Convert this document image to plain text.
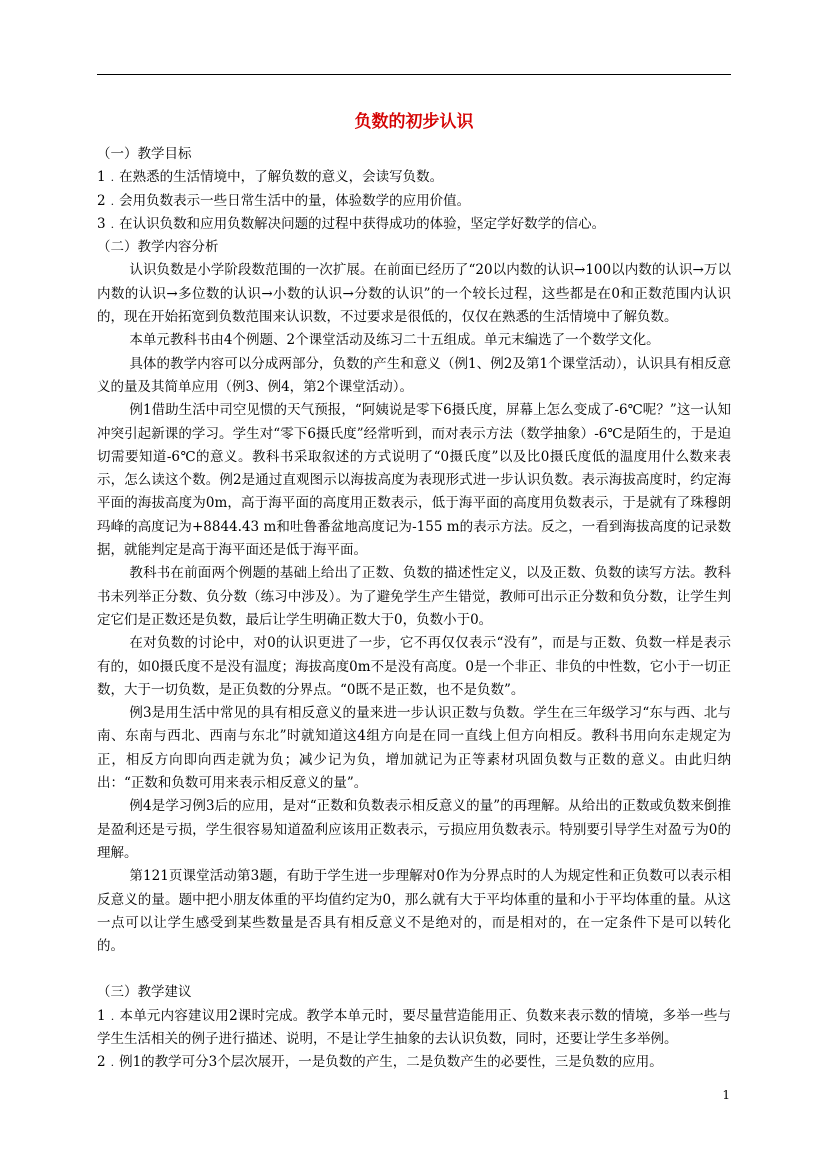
负数的初步认识

（一）教学目标

1﹒在熟悉的生活情境中，了解负数的意义，会读写负数。

2﹒会用负数表示一些日常生活中的量，体验数学的应用价值。

3﹒在认识负数和应用负数解决问题的过程中获得成功的体验，坚定学好数学的信心。

（二）教学内容分析

认识负数是小学阶段数范围的一次扩展。在前面已经历了“20以内数的认识→100以内数的认识→万以内数的认识→多位数的认识→小数的认识→分数的认识”的一个较长过程，这些都是在0和正数范围内认识的，现在开始拓宽到负数范围来认识数，不过要求是很低的，仅仅在熟悉的生活情境中了解负数。

本单元教科书由4个例题、2个课堂活动及练习二十五组成。单元末编选了一个数学文化。

具体的教学内容可以分成两部分，负数的产生和意义（例1、例2及第1个课堂活动），认识具有相反意义的量及其简单应用（例3、例4，第2个课堂活动）。

例1借助生活中司空见惯的天气预报，“阿姨说是零下6摄氏度，屏幕上怎么变成了-6℃呢？”这一认知冲突引起新课的学习。学生对“零下6摄氏度”经常听到，而对表示方法（数学抽象）-6℃是陌生的，于是迫切需要知道-6℃的意义。教科书采取叙述的方式说明了“0摄氏度”以及比0摄氏度低的温度用什么数来表示，怎么读这个数。例2是通过直观图示以海拔高度为表现形式进一步认识负数。表示海拔高度时，约定海平面的海拔高度为0m，高于海平面的高度用正数表示，低于海平面的高度用负数表示，于是就有了珠穆朗玛峰的高度记为+8844.43 m和吐鲁番盆地高度记为-155 m的表示方法。反之，一看到海拔高度的记录数据，就能判定是高于海平面还是低于海平面。

教科书在前面两个例题的基础上给出了正数、负数的描述性定义，以及正数、负数的读写方法。教科书未列举正分数、负分数（练习中涉及）。为了避免学生产生错觉，教师可出示正分数和负分数，让学生判定它们是正数还是负数，最后让学生明确正数大于0，负数小于0。

在对负数的讨论中，对0的认识更进了一步，它不再仅仅表示“没有”，而是与正数、负数一样是表示有的，如0摄氏度不是没有温度；海拔高度0m不是没有高度。0是一个非正、非负的中性数，它小于一切正数，大于一切负数，是正负数的分界点。“0既不是正数，也不是负数”。

例3是用生活中常见的具有相反意义的量来进一步认识正数与负数。学生在三年级学习“东与西、北与南、东南与西北、西南与东北”时就知道这4组方向是在同一直线上但方向相反。教科书用向东走规定为正，相反方向即向西走就为负；减少记为负，增加就记为正等素材巩固负数与正数的意义。由此归纳出：“正数和负数可用来表示相反意义的量”。

例4是学习例3后的应用，是对“正数和负数表示相反意义的量”的再理解。从给出的正数或负数来倒推是盈利还是亏损，学生很容易知道盈利应该用正数表示，亏损应用负数表示。特别要引导学生对盈亏为0的理解。

第121页课堂活动第3题，有助于学生进一步理解对0作为分界点时的人为规定性和正负数可以表示相反意义的量。题中把小朋友体重的平均值约定为0，那么就有大于平均体重的量和小于平均体重的量。从这一点可以让学生感受到某些数量是否具有相反意义不是绝对的，而是相对的，在一定条件下是可以转化的。

（三）教学建议

1﹒本单元内容建议用2课时完成。教学本单元时，要尽量营造能用正、负数来表示数的情境，多举一些与学生生活相关的例子进行描述、说明，不是让学生抽象的去认识负数，同时，还要让学生多举例。

2﹒例1的教学可分3个层次展开，一是负数的产生，二是负数产生的必要性，三是负数的应用。

1
